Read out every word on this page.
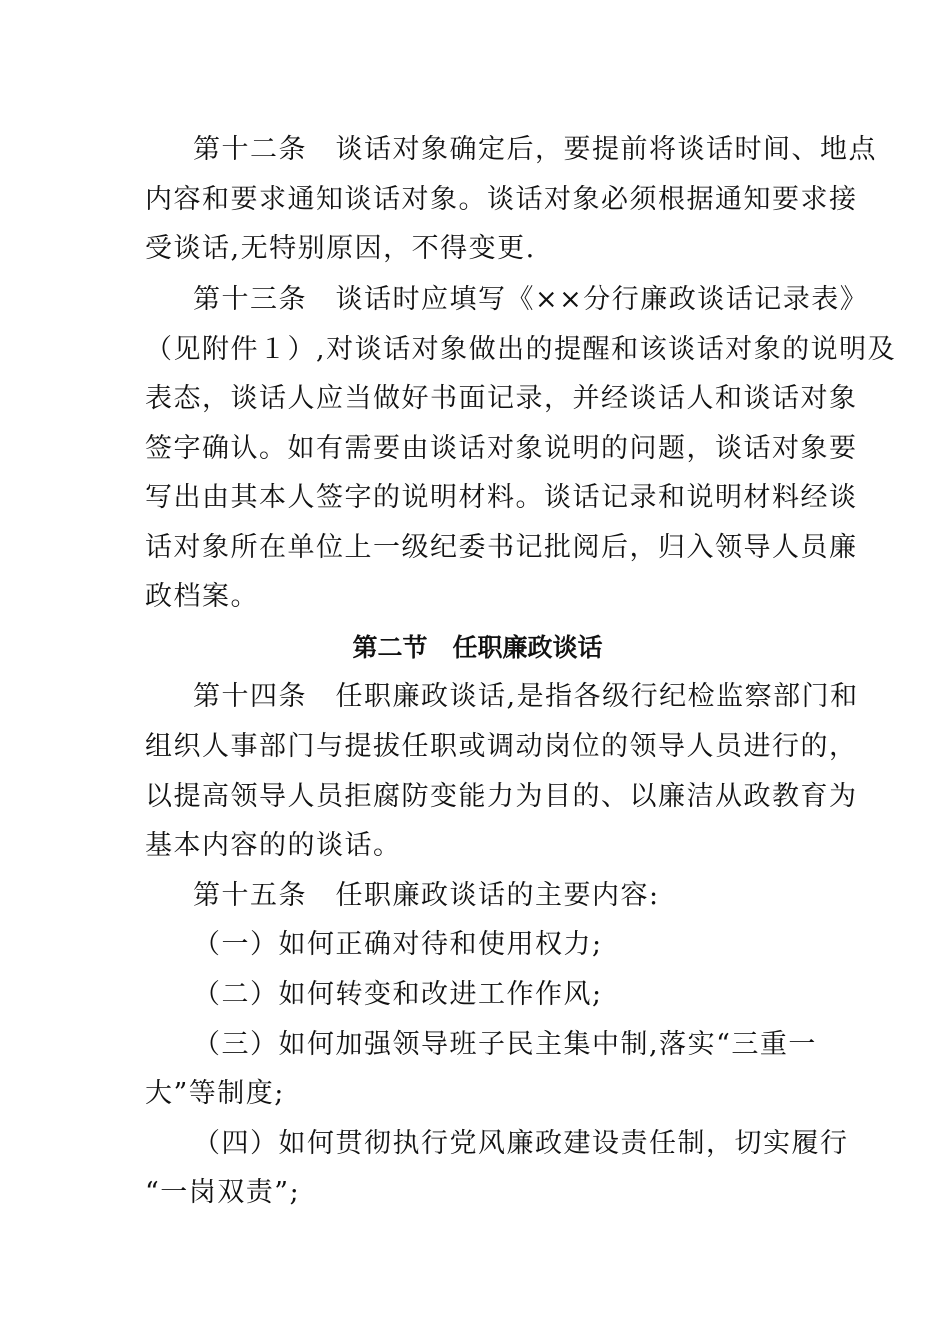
第十二条　谈话对象确定后，要提前将谈话时间、地点
内容和要求通知谈话对象。谈话对象必须根据通知要求接
受谈话,无特别原因，不得变更.
第十三条　谈话时应填写《××分行廉政谈话记录表》
（见附件１）,对谈话对象做出的提醒和该谈话对象的说明及
表态，谈话人应当做好书面记录，并经谈话人和谈话对象
签字确认。如有需要由谈话对象说明的问题，谈话对象要
写出由其本人签字的说明材料。谈话记录和说明材料经谈
话对象所在单位上一级纪委书记批阅后，归入领导人员廉
政档案。
第二节　任职廉政谈话
第十四条　任职廉政谈话,是指各级行纪检监察部门和
组织人事部门与提拔任职或调动岗位的领导人员进行的，
以提高领导人员拒腐防变能力为目的、以廉洁从政教育为
基本内容的的谈话。
第十五条　任职廉政谈话的主要内容:
（一）如何正确对待和使用权力;
（二）如何转变和改进工作作风;
（三）如何加强领导班子民主集中制,落实“三重一
大”等制度;
（四）如何贯彻执行党风廉政建设责任制，切实履行
“一岗双责”;
